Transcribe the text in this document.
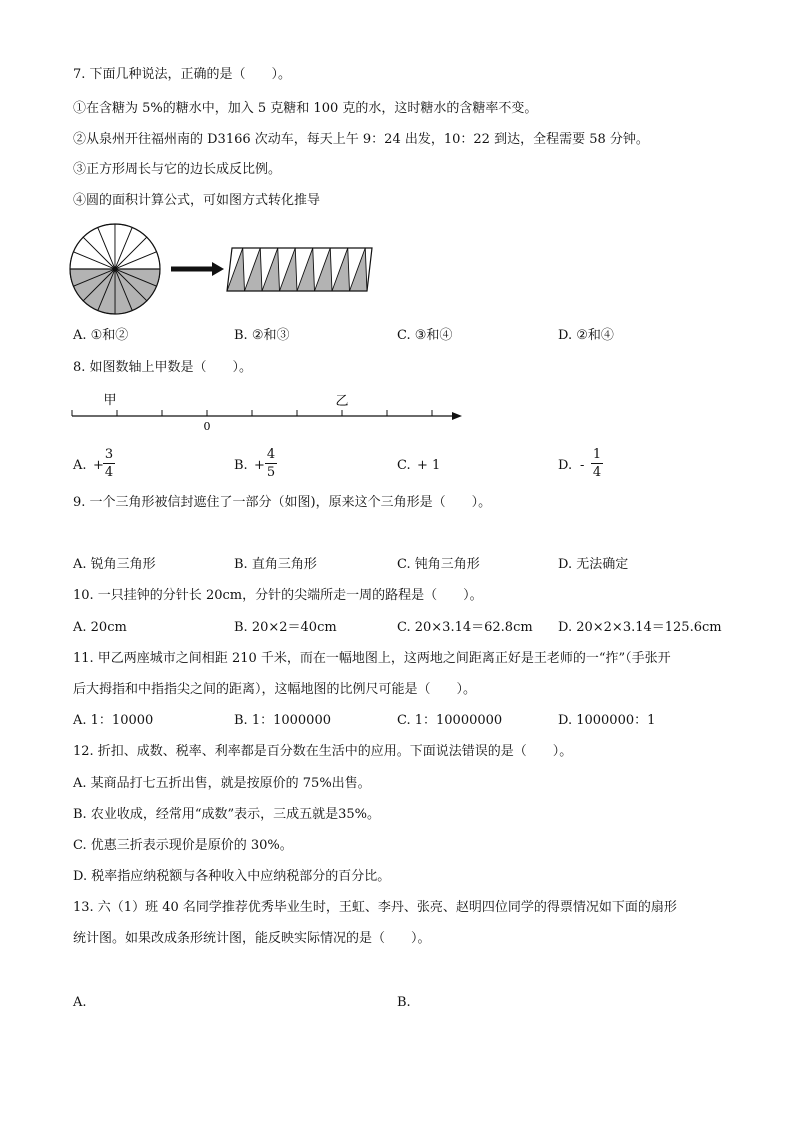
7. 下面几种说法，正确的是（　　）。
①在含糖为 5%的糖水中，加入 5 克糖和 100 克的水，这时糖水的含糖率不变。
②从泉州开往福州南的 D3166 次动车，每天上午 9：24 出发，10：22 到达，全程需要 58 分钟。
③正方形周长与它的边长成反比例。
④圆的面积计算公式，可如图方式转化推导
A. ①和②	B. ②和③	C. ③和④	D. ②和④
8. 如图数轴上甲数是（　　）。
甲	乙
0
A. +
3
4	B. +
4
5	C. + 1	D. -
1
4
9. 一个三角形被信封遮住了一部分（如图)，原来这个三角形是（　　）。
A. 锐角三角形	B. 直角三角形	C. 钝角三角形	D. 无法确定
10. 一只挂钟的分针长 20cm，分针的尖端所走一周的路程是（　　）。
A. 20cm	B. 20×2＝40cm	C. 20×3.14＝62.8cm D. 20×2×3.14＝125.6cm
11. 甲乙两座城市之间相距 210 千米，而在一幅地图上，这两地之间距离正好是王老师的一“拃”（手张开
后大拇指和中指指尖之间的距离），这幅地图的比例尺可能是（　　）。
A. 1：10000	B. 1：1000000	C. 1：10000000	D. 1000000：1
12. 折扣、成数、税率、利率都是百分数在生活中的应用。下面说法错误的是（　　）。
A. 某商品打七五折出售，就是按原价的 75%出售。
B. 农业收成，经常用“成数”表示，三成五就是35%。
C. 优惠三折表示现价是原价的 30%。
D. 税率指应纳税额与各种收入中应纳税部分的百分比。
13. 六（1）班 40 名同学推荐优秀毕业生时，王虹、李丹、张亮、赵明四位同学的得票情况如下面的扇形
统计图。如果改成条形统计图，能反映实际情况的是（　　）。
A.	B.
